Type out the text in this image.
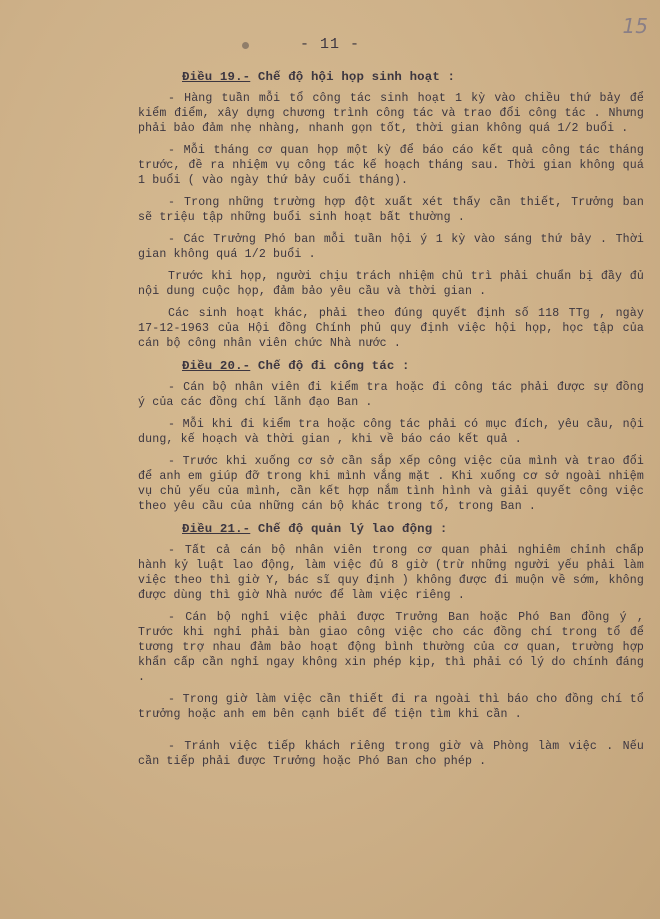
15
- 11 -
Điều 19.- Chế độ hội họp sinh hoạt :

- Hàng tuần mỗi tổ công tác sinh hoạt 1 kỳ vào chiều thứ bảy để kiểm điểm, xây dựng chương trình công tác và trao đổi công tác . Nhưng phải bảo đảm nhẹ nhàng, nhanh gọn tốt, thời gian không quá 1/2 buổi .

- Mỗi tháng cơ quan họp một kỳ để báo cáo kết quả công tác tháng trước, đề ra nhiệm vụ công tác kế hoạch tháng sau. Thời gian không quá 1 buổi ( vào ngày thứ bảy cuối tháng).

- Trong những trường hợp đột xuất xét thấy cần thiết, Trưởng ban sẽ triệu tập những buổi sinh hoạt bất thường .

- Các Trưởng Phó ban mỗi tuần hội ý 1 kỳ vào sáng thứ bảy . Thời gian không quá 1/2 buổi .

Trước khi họp, người chịu trách nhiệm chủ trì phải chuẩn bị đầy đủ nội dung cuộc họp, đảm bảo yêu cầu và thời gian .

Các sinh hoạt khác, phải theo đúng quyết định số 118 TTg , ngày 17-12-1963 của Hội đồng Chính phủ quy định việc hội họp, học tập của cán bộ công nhân viên chức Nhà nước .

Điều 20.- Chế độ đi công tác :

- Cán bộ nhân viên đi kiểm tra hoặc đi công tác phải được sự đồng ý của các đồng chí lãnh đạo Ban .

- Mỗi khi đi kiểm tra hoặc công tác phải có mục đích, yêu cầu, nội dung, kế hoạch và thời gian , khi về báo cáo kết quả .

- Trước khi xuống cơ sở cần sắp xếp công việc của mình và trao đổi để anh em giúp đỡ trong khi mình vắng mặt . Khi xuống cơ sở ngoài nhiệm vụ chủ yếu của mình, cần kết hợp nắm tình hình và giải quyết công việc theo yêu cầu của những cán bộ khác trong tổ, trong Ban .

Điều 21.- Chế độ quản lý lao động :

- Tất cả cán bộ nhân viên trong cơ quan phải nghiêm chỉnh chấp hành kỷ luật lao động, làm việc đủ 8 giờ (trừ những người yếu phải làm việc theo thì giờ Y, bác sĩ quy định ) không được đi muộn về sớm, không được dùng thì giờ Nhà nước để làm việc riêng .

- Cán bộ nghỉ việc phải được Trưởng Ban hoặc Phó Ban đồng ý , Trước khi nghỉ phải bàn giao công việc cho các đồng chí trong tổ để tương trợ nhau đảm bảo hoạt động bình thường của cơ quan, trường hợp khẩn cấp cần nghỉ ngay không xin phép kịp, thì phải có lý do chính đáng .

- Trong giờ làm việc cần thiết đi ra ngoài thì báo cho đồng chí tổ trưởng hoặc anh em bên cạnh biết để tiện tìm khi cần .

- Tránh việc tiếp khách riêng trong giờ và Phòng làm việc . Nếu cần tiếp phải được Trưởng hoặc Phó Ban cho phép .
